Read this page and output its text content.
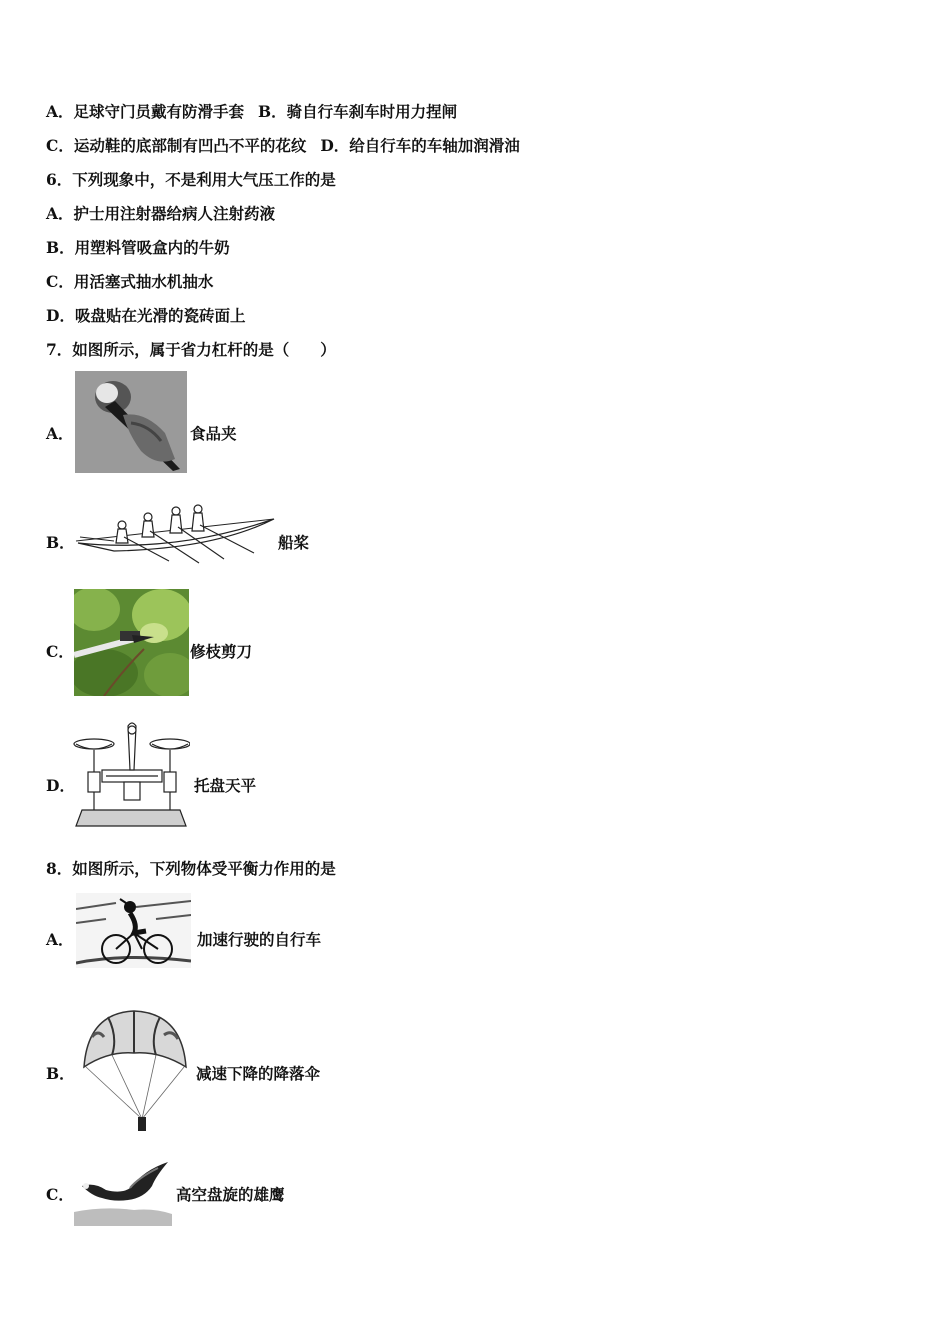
A．足球守门员戴有防滑手套 B．骑自行车刹车时用力捏闸
C．运动鞋的底部制有凹凸不平的花纹 D．给自行车的车轴加润滑油
6．下列现象中，不是利用大气压工作的是
A．护士用注射器给病人注射药液
B．用塑料管吸盒内的牛奶
C．用活塞式抽水机抽水
D．吸盘贴在光滑的瓷砖面上
7．如图所示，属于省力杠杆的是（　　）
A．	食品夹
B．	船桨
C．	修枝剪刀
D．	托盘天平
8．如图所示，下列物体受平衡力作用的是
A．	加速行驶的自行车
B．	减速下降的降落伞
C．	高空盘旋的雄鹰
